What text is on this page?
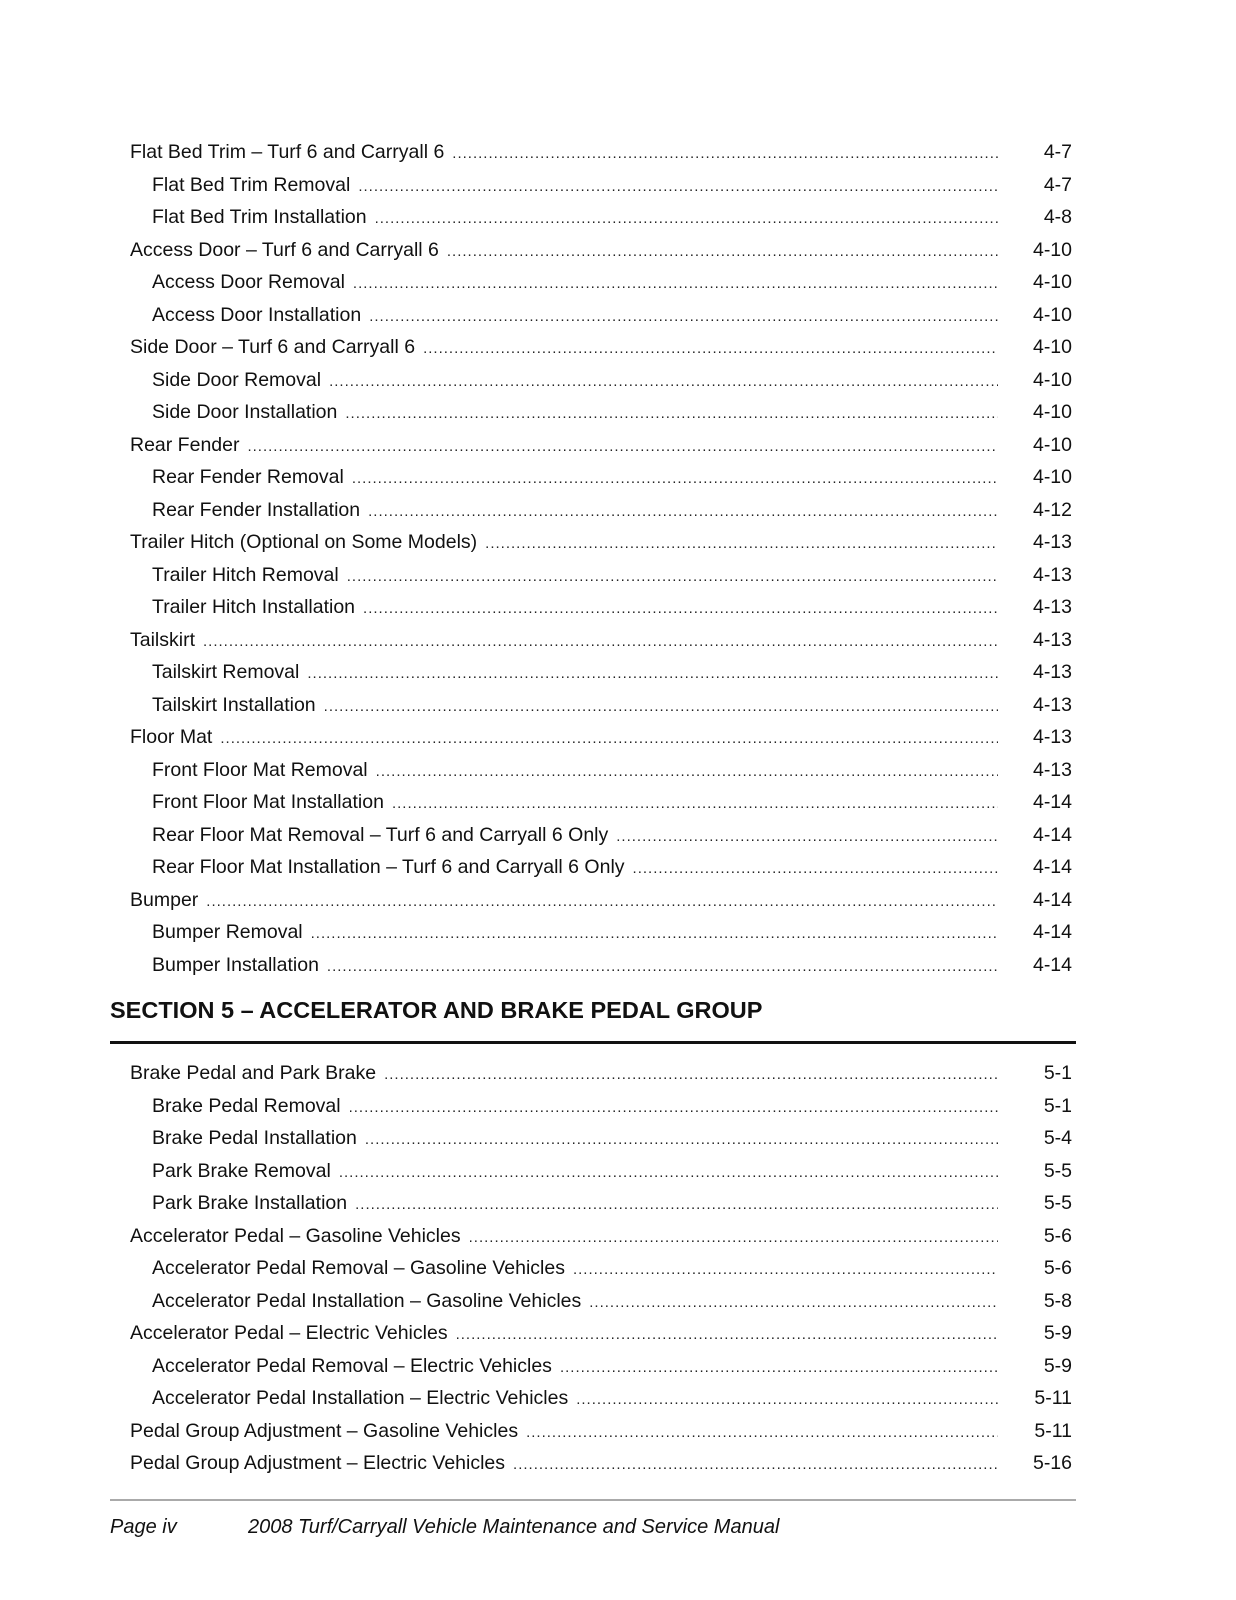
Flat Bed Trim – Turf 6 and Carryall 6 .....	4-7
Flat Bed Trim Removal .....	4-7
Flat Bed Trim Installation .....	4-8
Access Door – Turf 6 and Carryall 6 .....	4-10
Access Door Removal .....	4-10
Access Door Installation .....	4-10
Side Door – Turf 6 and Carryall 6 .....	4-10
Side Door Removal .....	4-10
Side Door Installation .....	4-10
Rear Fender .....	4-10
Rear Fender Removal .....	4-10
Rear Fender Installation .....	4-12
Trailer Hitch (Optional on Some Models) .....	4-13
Trailer Hitch Removal .....	4-13
Trailer Hitch Installation .....	4-13
Tailskirt .....	4-13
Tailskirt Removal .....	4-13
Tailskirt Installation .....	4-13
Floor Mat .....	4-13
Front Floor Mat Removal .....	4-13
Front Floor Mat Installation .....	4-14
Rear Floor Mat Removal – Turf 6 and Carryall 6 Only .....	4-14
Rear Floor Mat Installation – Turf 6 and Carryall 6 Only .....	4-14
Bumper .....	4-14
Bumper Removal .....	4-14
Bumper Installation .....	4-14
SECTION 5 – ACCELERATOR AND BRAKE PEDAL GROUP
Brake Pedal and Park Brake .....	5-1
Brake Pedal Removal .....	5-1
Brake Pedal Installation .....	5-4
Park Brake Removal .....	5-5
Park Brake Installation .....	5-5
Accelerator Pedal – Gasoline Vehicles .....	5-6
Accelerator Pedal Removal – Gasoline Vehicles .....	5-6
Accelerator Pedal Installation – Gasoline Vehicles .....	5-8
Accelerator Pedal – Electric Vehicles .....	5-9
Accelerator Pedal Removal – Electric Vehicles .....	5-9
Accelerator Pedal Installation – Electric Vehicles .....	5-11
Pedal Group Adjustment – Gasoline Vehicles .....	5-11
Pedal Group Adjustment – Electric Vehicles .....	5-16
Page iv	2008 Turf/Carryall Vehicle Maintenance and Service Manual
